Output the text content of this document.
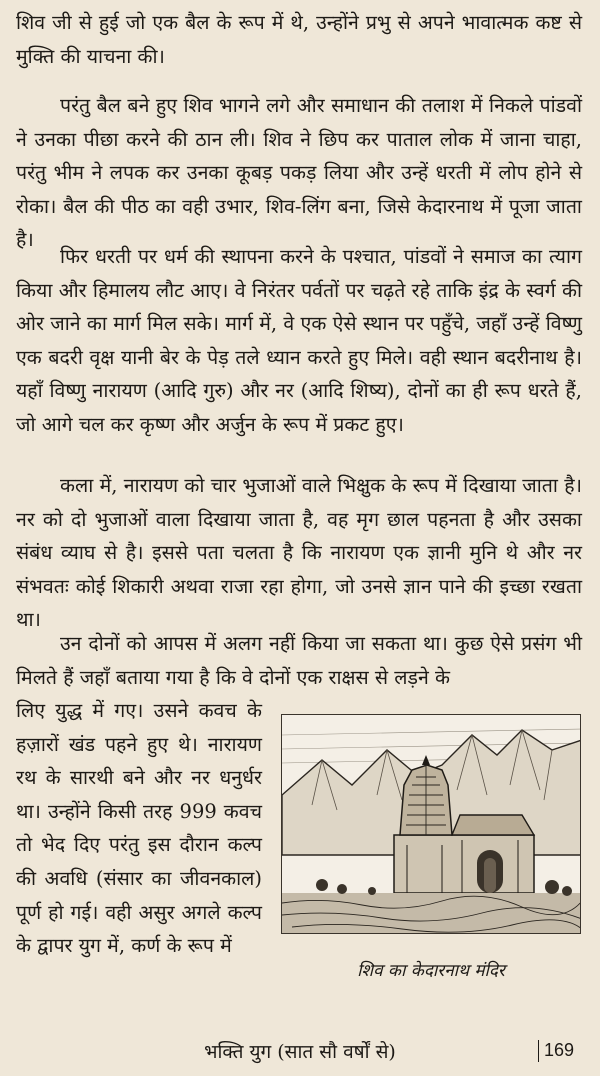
शिव जी से हुई जो एक बैल के रूप में थे, उन्होंने प्रभु से अपने भावात्मक कष्ट से मुक्ति की याचना की।

परंतु बैल बने हुए शिव भागने लगे और समाधान की तलाश में निकले पांडवों ने उनका पीछा करने की ठान ली। शिव ने छिप कर पाताल लोक में जाना चाहा, परंतु भीम ने लपक कर उनका कूबड़ पकड़ लिया और उन्हें धरती में लोप होने से रोका। बैल की पीठ का वही उभार, शिव-लिंग बना, जिसे केदारनाथ में पूजा जाता है।

फिर धरती पर धर्म की स्थापना करने के पश्चात, पांडवों ने समाज का त्याग किया और हिमालय लौट आए। वे निरंतर पर्वतों पर चढ़ते रहे ताकि इंद्र के स्वर्ग की ओर जाने का मार्ग मिल सके। मार्ग में, वे एक ऐसे स्थान पर पहुँचे, जहाँ उन्हें विष्णु एक बदरी वृक्ष यानी बेर के पेड़ तले ध्यान करते हुए मिले। वही स्थान बदरीनाथ है। यहाँ विष्णु नारायण (आदि गुरु) और नर (आदि शिष्य), दोनों का ही रूप धरते हैं, जो आगे चल कर कृष्ण और अर्जुन के रूप में प्रकट हुए।

कला में, नारायण को चार भुजाओं वाले भिक्षुक के रूप में दिखाया जाता है। नर को दो भुजाओं वाला दिखाया जाता है, वह मृग छाल पहनता है और उसका संबंध व्याघ से है। इससे पता चलता है कि नारायण एक ज्ञानी मुनि थे और नर संभवतः कोई शिकारी अथवा राजा रहा होगा, जो उनसे ज्ञान पाने की इच्छा रखता था।

उन दोनों को आपस में अलग नहीं किया जा सकता था। कुछ ऐसे प्रसंग भी मिलते हैं जहाँ बताया गया है कि वे दोनों एक राक्षस से लड़ने के

लिए युद्ध में गए। उसने कवच के हज़ारों खंड पहने हुए थे। नारायण रथ के सारथी बने और नर धनुर्धर था। उन्होंने किसी तरह 999 कवच तो भेद दिए परंतु इस दौरान कल्प की अवधि (संसार का जीवनकाल) पूर्ण हो गई। वही असुर अगले कल्प के द्वापर युग में, कर्ण के रूप में

शिव का केदारनाथ मंदिर
भक्ति युग (सात सौ वर्षों से)	169
